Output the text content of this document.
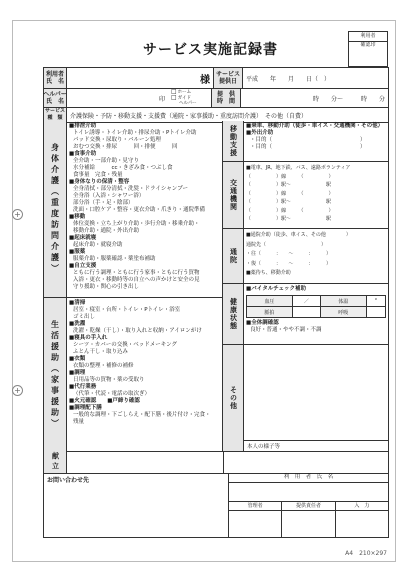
+
+
サービス実施記録書
利用者
確認印
利用者
氏　名	様 サービス
提供日	平成　　年　　月　　日（　）
ヘルパー
氏　名	印
□ ホーム
□ ガイド
ヘルパー
提　供
時　間	時　　分〜　　　時　　分
サービス
種　類	介護保険・予防・移動支援・支援費（通院・家事援助・重度訪問介護）　その他（自費）
身体介護（重度訪問介護）
■排泄介助
トイレ誘導・トイレ介助・排尿介助・Pトイレ介助
パッド交換・尿取り・バルーン処理
おむつ交換・排尿　　　回・排便　　　回
■食事介助
全介助・一部介助・見守り
水分補給　　　cc・きざみ食・つぶし食
食事量　完食・残量
■身体なりの保清・整容
全身清拭・部分清拭・洗髪・ドライシャンプー
全身浴（入浴・シャワー浴）
部分浴（手・足・陰部）
洗面・口腔ケア・整容・更衣介助・爪きり・通院準備
■移動
体位変換・立ち上がり介助・歩行介助・移乗介助・
移動介助・通院・外出介助
■起床就寝
起床介助・就寝介助
■服薬
服薬介助・服薬確認・薬塗布補助
■自立支援
ともに行う調理・ともに行う家事・ともに行う買物
入浴・更衣・移動時等の自立への声かけと安全の見
守り援助・関心の引き出し
生活援助（家事援助）
■清掃
居室・寝室・台所・トイレ・Pトイレ・浴室
ゴミ出し
■洗濯
洗濯・乾燥（干し）・取り入れと収納・アイロンがけ
■寝具の手入れ
シーツ・カバーの交換・ベッドメーキング
ふとん干し・取り込み
■衣類
衣類の整理・補修の補修
■調理
日用品等の買物・薬の受取り
■代行業務
（代筆・代読・電話の取次ぎ）
■火元確認　　■戸締り確認
■調理配下膳
一般的な調理・下ごしらえ・配下膳・後片付け・完食・
残量
移動支援 ■乗車、移動介助（徒歩・車イス・交通機関・その他）
■外出介助
・目的（　　　　　　　　　　　　　　　　）
・目的（　　　　　　　　　　　　　　　　）
交通機関
■電車、JR、地下鉄、バス、遠路ボランティア
（　　　　　）線　　　（　　　　　）
（　　　　　）駅〜　　　　　　　駅
（　　　　　）線　　　（　　　　　）
（　　　　　）駅〜　　　　　　　駅
（　　　　　）線　　　（　　　　　）
（　　　　　）駅〜　　　　　　　駅
通院
■通院介助（徒歩、車イス、その他　　　　）
通院先（　　　　　　　　　　　）
・往（　　　：　　〜　　　：　　　）
・復（　　　：　　〜　　　：　　　）
■薬待ち、移動介助
健康状態
■バイタルチェック補助
血圧	／	体温	°
脈拍		呼吸	
■全体調確認
良好・普通・やや不調・不調
その他
本人の様子等
献立
お問い合わせ先	利　用　者　氏　名
管理者	提供責任者	入　力
A4　210×297
